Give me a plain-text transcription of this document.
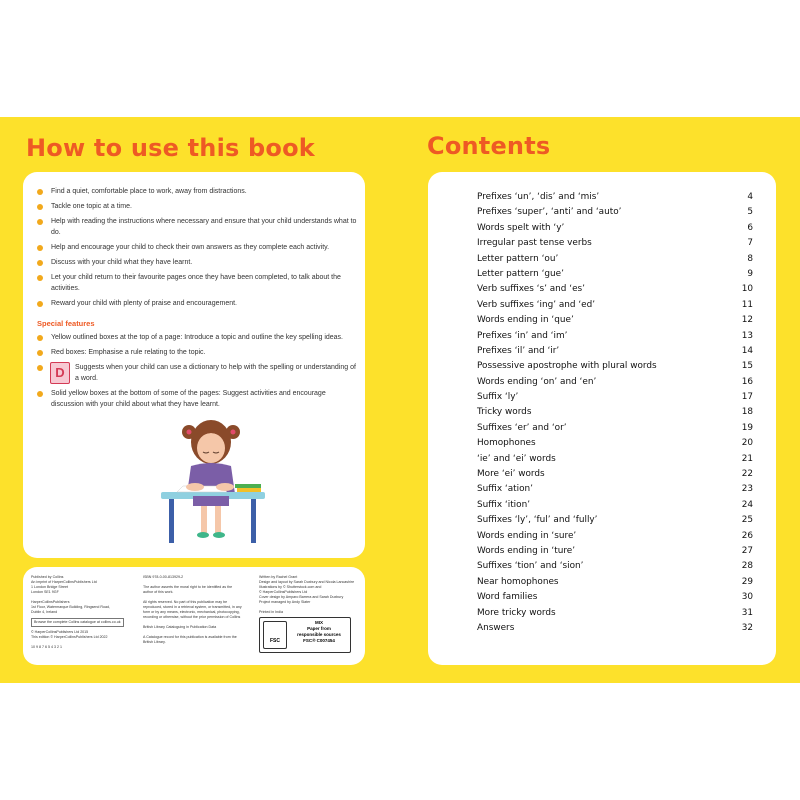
How to use this book	Contents
Find a quiet, comfortable place to work, away from distractions.
Tackle one topic at a time.
Help with reading the instructions where necessary and ensure that your child understands what to do.
Help and encourage your child to check their own answers as they complete each activity.
Discuss with your child what they have learnt.
Let your child return to their favourite pages once they have been completed, to talk about the activities.
Reward your child with plenty of praise and encouragement.
Special features
Yellow outlined boxes at the top of a page: Introduce a topic and outline the key spelling ideas.
Red boxes: Emphasise a rule relating to the topic.
D	Suggests when your child can use a dictionary to help with the spelling or understanding of a word.
Solid yellow boxes at the bottom of some of the pages: Suggest activities and encourage discussion with your child about what they have learnt.
Published by Collins
An imprint of HarperCollinsPublishers Ltd
1 London Bridge Street
London SE1 9GF

HarperCollinsPublishers
1st Floor, Watermarque Building, Ringsend Road,
Dublin 4, Ireland
Browse the complete Collins catalogue at collins.co.uk
© HarperCollinsPublishers Ltd 2015
This edition © HarperCollinsPublishers Ltd 2022

10 9 8 7 6 5 4 3 2 1
ISBN 978-0-00-813929-2

The author asserts the moral right to be identified as the
author of this work.

All rights reserved. No part of this publication may be
reproduced, stored in a retrieval system, or transmitted, in any
form or by any means, electronic, mechanical, photocopying,
recording or otherwise, without the prior permission of Collins

British Library Cataloguing in Publication Data

A Catalogue record for this publication is available from the
British Library.
Written by Rachel Grant
Design and layout by Sarah Duxbury and Nicola Lancashire
Illustrations by © Shutterstock.com and
© HarperCollinsPublishers Ltd
Cover design by Amparo Barrera and Sarah Duxbury
Project managed by Andy Slater

Printed in India
FSC
MIX
Paper from
responsible sources
FSC® C007454
Prefixes ‘un’, ‘dis’ and ‘mis’	4
Prefixes ‘super’, ‘anti’ and ‘auto’	5
Words spelt with ‘y’	6
Irregular past tense verbs	7
Letter pattern ‘ou’	8
Letter pattern ‘gue’	9
Verb suffixes ‘s’ and ‘es’	10
Verb suffixes ‘ing’ and ‘ed’	11
Words ending in ‘que’	12
Prefixes ‘in’ and ‘im’	13
Prefixes ‘il’ and ‘ir’	14
Possessive apostrophe with plural words	15
Words ending ‘on’ and ‘en’	16
Suffix ‘ly’	17
Tricky words	18
Suffixes ‘er’ and ‘or’	19
Homophones	20
‘ie’ and ‘ei’ words	21
More ‘ei’ words	22
Suffix ‘ation’	23
Suffix ‘ition’	24
Suffixes ‘ly’, ‘ful’ and ‘fully’	25
Words ending in ‘sure’	26
Words ending in ‘ture’	27
Suffixes ‘tion’ and ‘sion’	28
Near homophones	29
Word families	30
More tricky words	31
Answers	32
